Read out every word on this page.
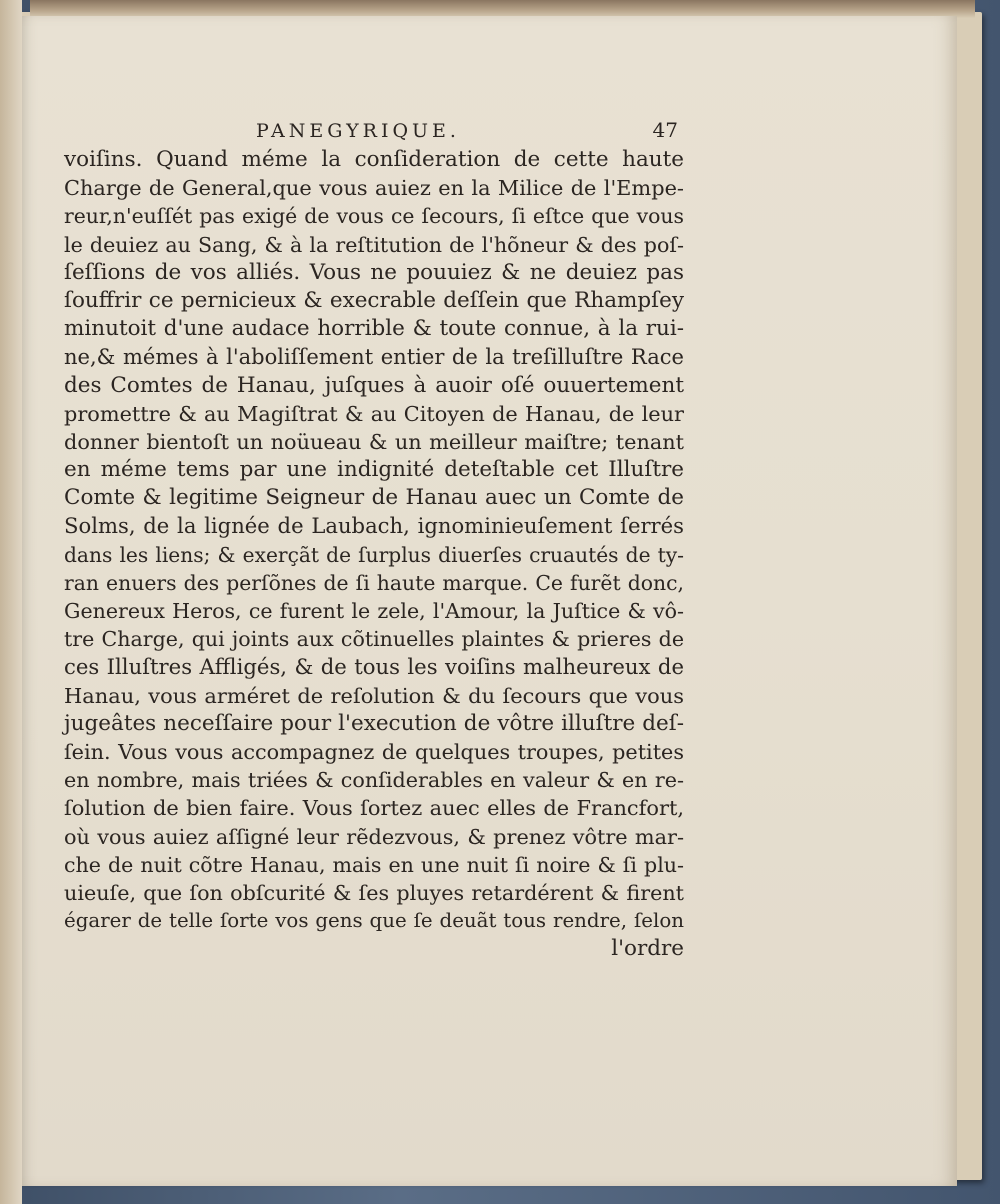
PANEGYRIQUE.	47
voiſins. Quand méme la conſideration de cette haute
Charge de General,que vous auiez en la Milice de l'Empe-
reur,n'euſſét pas exigé de vous ce ſecours, ſi eſtce que vous
le deuiez au Sang, & à la reſtitution de l'hõneur & des poſ-
ſeſſions de vos alliés. Vous ne pouuiez & ne deuiez pas
ſouffrir ce pernicieux & execrable deſſein que Rhampſey
minutoit d'une audace horrible & toute connue, à la rui-
ne,& mémes à l'aboliſſement entier de la treſilluſtre Race
des Comtes de Hanau, juſques à auoir oſé ouuertement
promettre & au Magiſtrat & au Citoyen de Hanau, de leur
donner bientoſt un noüueau & un meilleur maiſtre; tenant
en méme tems par une indignité deteſtable cet Illuſtre
Comte & legitime Seigneur de Hanau auec un Comte de
Solms, de la lignée de Laubach, ignominieuſement ſerrés
dans les liens; & exerçãt de ſurplus diuerſes cruautés de ty-
ran enuers des perſõnes de ſi haute marque. Ce furẽt donc,
Genereux Heros, ce furent le zele, l'Amour, la Juſtice & vô-
tre Charge, qui joints aux cõtinuelles plaintes & prieres de
ces Illuſtres Affligés, & de tous les voiſins malheureux de
Hanau, vous arméret de reſolution & du ſecours que vous
jugeâtes neceſſaire pour l'execution de vôtre illuſtre deſ-
ſein. Vous vous accompagnez de quelques troupes, petites
en nombre, mais triées & conſiderables en valeur & en re-
ſolution de bien faire. Vous ſortez auec elles de Francfort,
où vous auiez aſſigné leur rẽdezvous, & prenez vôtre mar-
che de nuit cõtre Hanau, mais en une nuit ſi noire & ſi plu-
uieuſe, que ſon obſcurité & ſes pluyes retardérent & firent
égarer de telle ſorte vos gens que ſe deuãt tous rendre, ſelon
l'ordre
